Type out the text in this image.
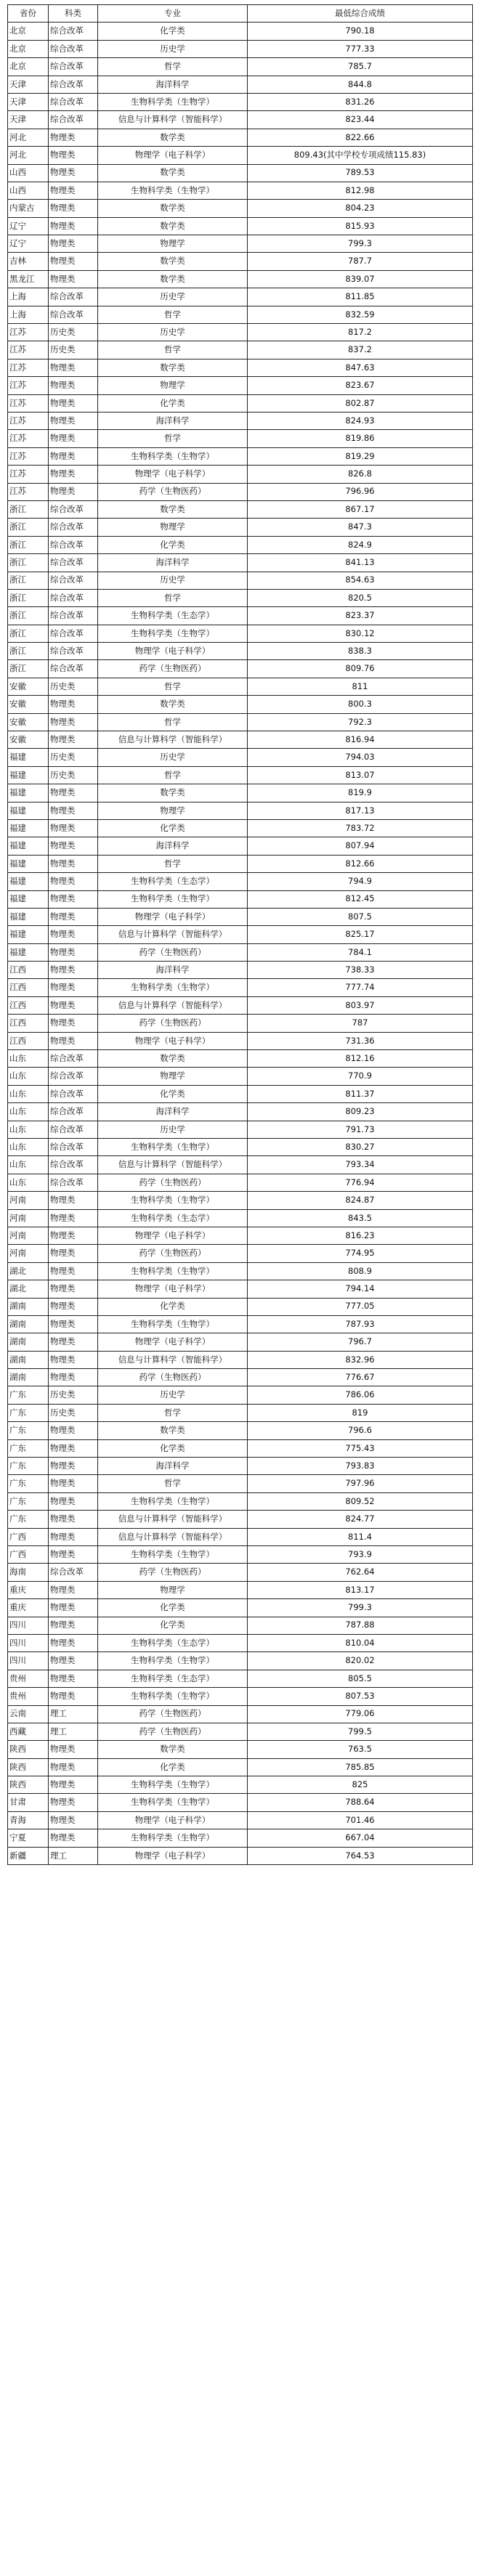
省份	科类	专业	最低综合成绩
北京	综合改革	化学类	790.18
北京	综合改革	历史学	777.33
北京	综合改革	哲学	785.7
天津	综合改革	海洋科学	844.8
天津	综合改革	生物科学类（生物学）	831.26
天津	综合改革	信息与计算科学（智能科学）	823.44
河北	物理类	数学类	822.66
河北	物理类	物理学（电子科学）	809.43(其中学校专项成绩115.83)
山西	物理类	数学类	789.53
山西	物理类	生物科学类（生物学）	812.98
内蒙古	物理类	数学类	804.23
辽宁	物理类	数学类	815.93
辽宁	物理类	物理学	799.3
吉林	物理类	数学类	787.7
黑龙江	物理类	数学类	839.07
上海	综合改革	历史学	811.85
上海	综合改革	哲学	832.59
江苏	历史类	历史学	817.2
江苏	历史类	哲学	837.2
江苏	物理类	数学类	847.63
江苏	物理类	物理学	823.67
江苏	物理类	化学类	802.87
江苏	物理类	海洋科学	824.93
江苏	物理类	哲学	819.86
江苏	物理类	生物科学类（生物学）	819.29
江苏	物理类	物理学（电子科学）	826.8
江苏	物理类	药学（生物医药）	796.96
浙江	综合改革	数学类	867.17
浙江	综合改革	物理学	847.3
浙江	综合改革	化学类	824.9
浙江	综合改革	海洋科学	841.13
浙江	综合改革	历史学	854.63
浙江	综合改革	哲学	820.5
浙江	综合改革	生物科学类（生态学）	823.37
浙江	综合改革	生物科学类（生物学）	830.12
浙江	综合改革	物理学（电子科学）	838.3
浙江	综合改革	药学（生物医药）	809.76
安徽	历史类	哲学	811
安徽	物理类	数学类	800.3
安徽	物理类	哲学	792.3
安徽	物理类	信息与计算科学（智能科学）	816.94
福建	历史类	历史学	794.03
福建	历史类	哲学	813.07
福建	物理类	数学类	819.9
福建	物理类	物理学	817.13
福建	物理类	化学类	783.72
福建	物理类	海洋科学	807.94
福建	物理类	哲学	812.66
福建	物理类	生物科学类（生态学）	794.9
福建	物理类	生物科学类（生物学）	812.45
福建	物理类	物理学（电子科学）	807.5
福建	物理类	信息与计算科学（智能科学）	825.17
福建	物理类	药学（生物医药）	784.1
江西	物理类	海洋科学	738.33
江西	物理类	生物科学类（生物学）	777.74
江西	物理类	信息与计算科学（智能科学）	803.97
江西	物理类	药学（生物医药）	787
江西	物理类	物理学（电子科学）	731.36
山东	综合改革	数学类	812.16
山东	综合改革	物理学	770.9
山东	综合改革	化学类	811.37
山东	综合改革	海洋科学	809.23
山东	综合改革	历史学	791.73
山东	综合改革	生物科学类（生物学）	830.27
山东	综合改革	信息与计算科学（智能科学）	793.34
山东	综合改革	药学（生物医药）	776.94
河南	物理类	生物科学类（生物学）	824.87
河南	物理类	生物科学类（生态学）	843.5
河南	物理类	物理学（电子科学）	816.23
河南	物理类	药学（生物医药）	774.95
湖北	物理类	生物科学类（生物学）	808.9
湖北	物理类	物理学（电子科学）	794.14
湖南	物理类	化学类	777.05
湖南	物理类	生物科学类（生物学）	787.93
湖南	物理类	物理学（电子科学）	796.7
湖南	物理类	信息与计算科学（智能科学）	832.96
湖南	物理类	药学（生物医药）	776.67
广东	历史类	历史学	786.06
广东	历史类	哲学	819
广东	物理类	数学类	796.6
广东	物理类	化学类	775.43
广东	物理类	海洋科学	793.83
广东	物理类	哲学	797.96
广东	物理类	生物科学类（生物学）	809.52
广东	物理类	信息与计算科学（智能科学）	824.77
广西	物理类	信息与计算科学（智能科学）	811.4
广西	物理类	生物科学类（生物学）	793.9
海南	综合改革	药学（生物医药）	762.64
重庆	物理类	物理学	813.17
重庆	物理类	化学类	799.3
四川	物理类	化学类	787.88
四川	物理类	生物科学类（生态学）	810.04
四川	物理类	生物科学类（生物学）	820.02
贵州	物理类	生物科学类（生态学）	805.5
贵州	物理类	生物科学类（生物学）	807.53
云南	理工	药学（生物医药）	779.06
西藏	理工	药学（生物医药）	799.5
陕西	物理类	数学类	763.5
陕西	物理类	化学类	785.85
陕西	物理类	生物科学类（生物学）	825
甘肃	物理类	生物科学类（生物学）	788.64
青海	物理类	物理学（电子科学）	701.46
宁夏	物理类	生物科学类（生物学）	667.04
新疆	理工	物理学（电子科学）	764.53
